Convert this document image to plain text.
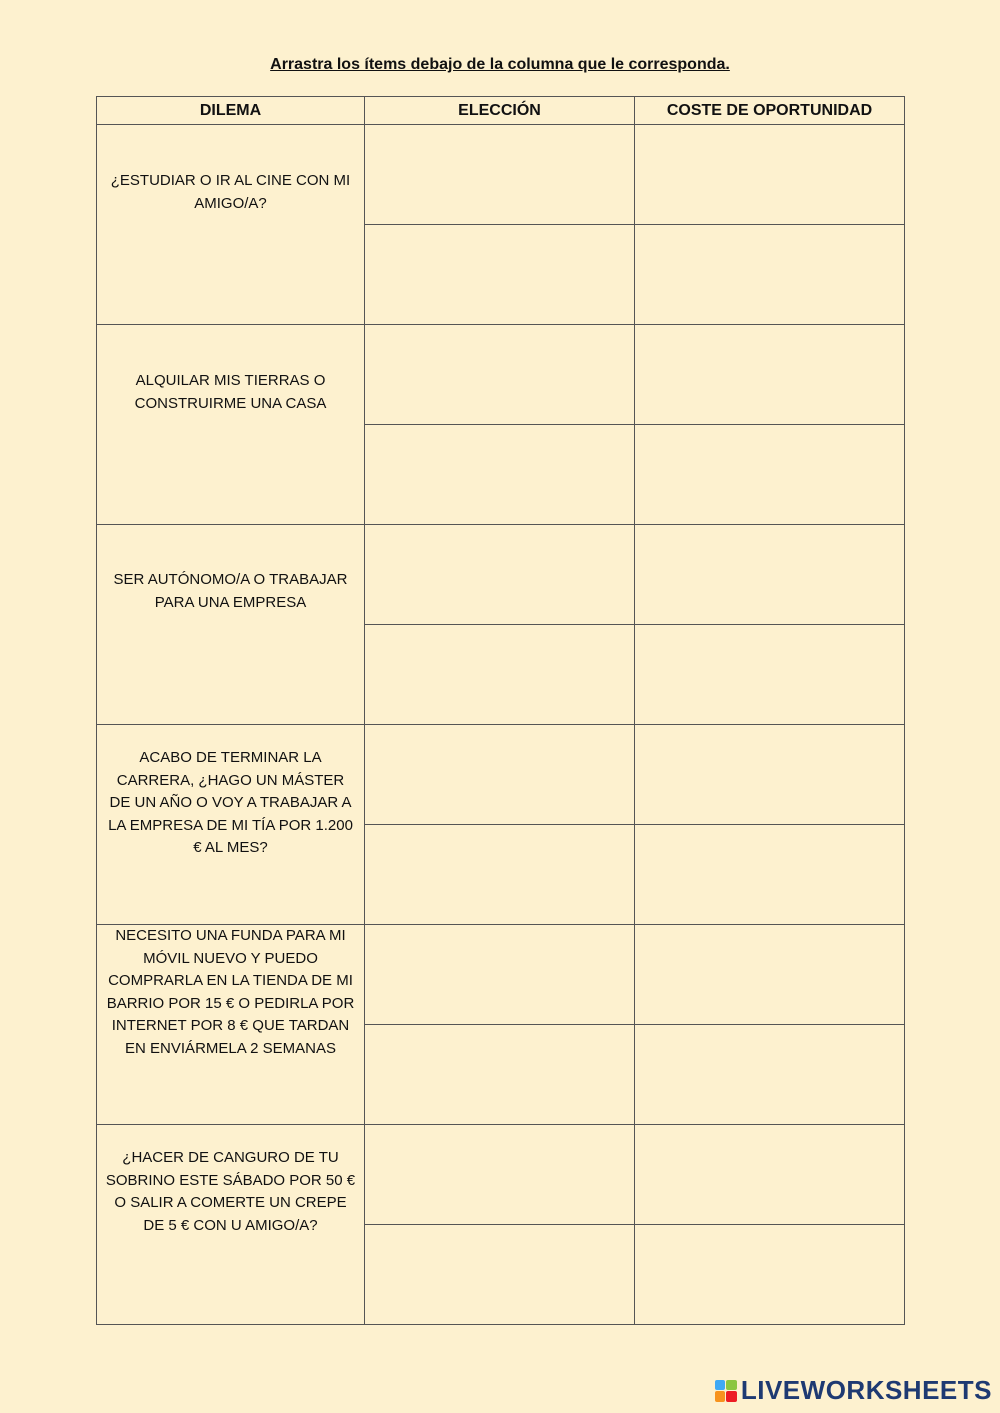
Arrastra los ítems debajo de la columna que le corresponda.
DILEMA	ELECCIÓN	COSTE DE OPORTUNIDAD

¿ESTUDIAR O IR AL CINE CON MI AMIGO/A?		

ALQUILAR MIS TIERRAS O CONSTRUIRME UNA CASA		

SER AUTÓNOMO/A O TRABAJAR PARA UNA EMPRESA		

ACABO DE TERMINAR LA CARRERA, ¿HAGO UN MÁSTER DE UN AÑO O VOY A TRABAJAR A LA EMPRESA DE MI TÍA POR 1.200 € AL MES?		

NECESITO UNA FUNDA PARA MI MÓVIL NUEVO Y PUEDO COMPRARLA EN LA TIENDA DE MI BARRIO POR 15 € O PEDIRLA POR INTERNET POR 8 € QUE TARDAN EN ENVIÁRMELA 2 SEMANAS		

¿HACER DE CANGURO DE TU SOBRINO ESTE SÁBADO POR 50 € O SALIR A COMERTE UN CREPE DE 5 € CON U AMIGO/A?		

LIVEWORKSHEETS
